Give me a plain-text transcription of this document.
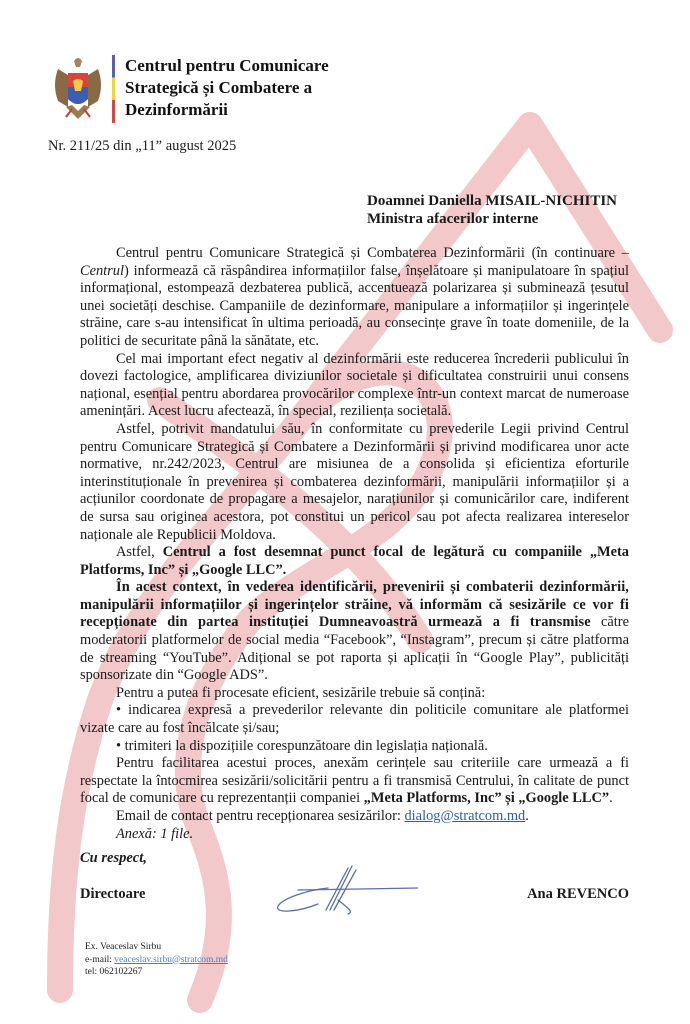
Centrul pentru Comunicare
Strategică și Combatere a
Dezinformării
Nr. 211/25 din „11” august 2025
Doamnei Daniella MISAIL-NICHITIN
Ministra afacerilor interne

Centrul pentru Comunicare Strategică și Combaterea Dezinformării (în continuare – Centrul) informează că răspândirea informațiilor false, înșelătoare și manipulatoare în spațiul informațional, estompează dezbaterea publică, accentuează polarizarea și subminează țesutul unei societăți deschise. Campaniile de dezinformare, manipulare a informațiilor și ingerințele străine, care s-au intensificat în ultima perioadă, au consecințe grave în toate domeniile, de la politici de securitate până la sănătate, etc.

Cel mai important efect negativ al dezinformării este reducerea încrederii publicului în dovezi factologice, amplificarea diviziunilor societale și dificultatea construirii unui consens național, esențial pentru abordarea provocărilor complexe într-un context marcat de numeroase amenințări. Acest lucru afectează, în special, reziliența societală.

Astfel, potrivit mandatului său, în conformitate cu prevederile Legii privind Centrul pentru Comunicare Strategică și Combatere a Dezinformării și privind modificarea unor acte normative, nr.242/2023, Centrul are misiunea de a consolida și eficientiza eforturile interinstituționale în prevenirea și combaterea dezinformării, manipulării informațiilor și a acțiunilor coordonate de propagare a mesajelor, narațiunilor și comunicărilor care, indiferent de sursa sau originea acestora, pot constitui un pericol sau pot afecta realizarea intereselor naționale ale Republicii Moldova.

Astfel, Centrul a fost desemnat punct focal de legătură cu companiile „Meta Platforms, Inc” și „Google LLC”.

În acest context, în vederea identificării, prevenirii și combaterii dezinformării, manipulării informațiilor și ingerințelor străine, vă informăm că sesizările ce vor fi recepționate din partea instituției Dumneavoastră urmează a fi transmise către moderatorii platformelor de social media “Facebook”, “Instagram”, precum și către platforma de streaming “YouTube”. Adițional se pot raporta și aplicații în “Google Play”, publicități sponsorizate din “Google ADS”.

Pentru a putea fi procesate eficient, sesizările trebuie să conțină:

• indicarea expresă a prevederilor relevante din politicile comunitare ale platformei vizate care au fost încălcate și/sau;

• trimiteri la dispozițiile corespunzătoare din legislația națională.

Pentru facilitarea acestui proces, anexăm cerințele sau criteriile care urmează a fi respectate la întocmirea sesizării/solicitării pentru a fi transmisă Centrului, în calitate de punct focal de comunicare cu reprezentanții companiei „Meta Platforms, Inc” și „Google LLC”.

Email de contact pentru recepționarea sesizărilor: dialog@stratcom.md.

Anexă: 1 file.

Cu respect,
Directoare	Ana REVENCO
Ex. Veaceslav Sirbu
e-mail: veaceslav.sirbu@stratcom.md
tel: 062102267
